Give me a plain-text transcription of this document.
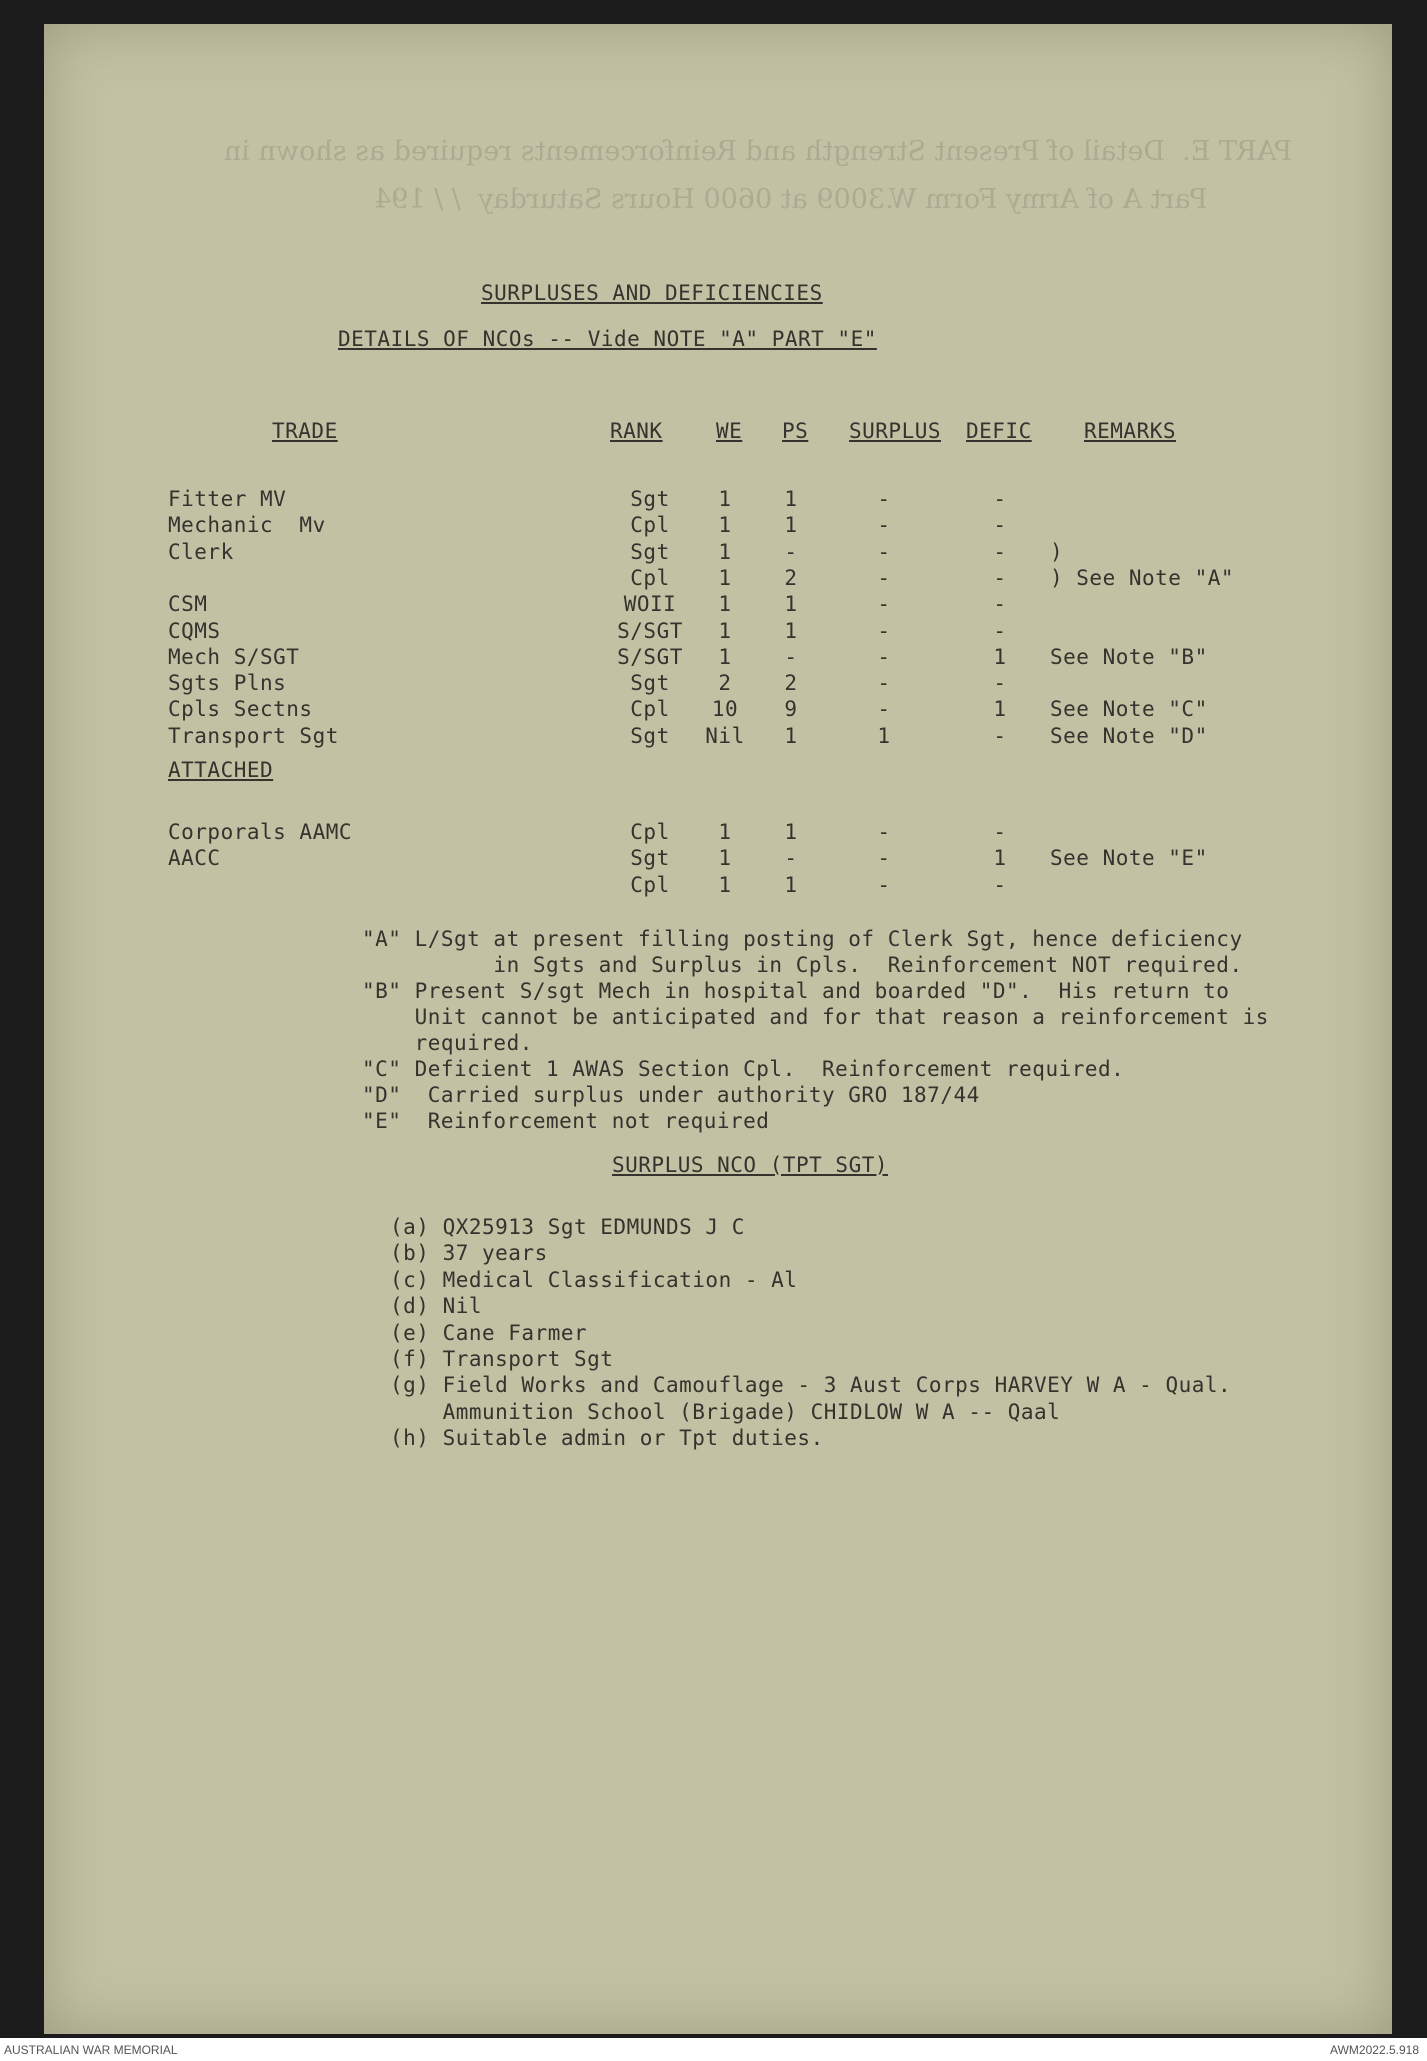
PART E.  Detail of Present Strength and Reinforcements required as shown in
Part A of Army Form W.3009 at 0600 Hours Saturday  / / 194
SURPLUSES AND DEFICIENCIES
DETAILS OF NCOs -- Vide NOTE "A" PART "E"
TRADE	RANK	WE PS SURPLUS DEFIC REMARKS
Fitter MV	Sgt	1	1	-	-
Mechanic  Mv	Cpl	1	1	-	-
Clerk	Sgt	1	-	-	-	)
Cpl	1	2	-	-	) See Note "A"
CSM	WOII	1	1	-	-
CQMS	S/SGT	1	1	-	-
Mech S/SGT	S/SGT	1	-	-	1	See Note "B"
Sgts Plns	Sgt	2	2	-	-
Cpls Sectns	Cpl	10	9	-	1	See Note "C"
Transport Sgt	Sgt	Nil	1	1	-	See Note "D"
ATTACHED
Corporals AAMC	Cpl	1	1	-	-
AACC	Sgt	1	-	-	1	See Note "E"
Cpl	1	1	-	-
"A" L/Sgt at present filling posting of Clerk Sgt, hence deficiency
in Sgts and Surplus in Cpls.  Reinforcement NOT required.
"B" Present S/sgt Mech in hospital and boarded "D".  His return to
Unit cannot be anticipated and for that reason a reinforcement is
required.
"C" Deficient 1 AWAS Section Cpl.  Reinforcement required.
"D"  Carried surplus under authority GRO 187/44
"E"  Reinforcement not required
SURPLUS NCO (TPT SGT)
(a) QX25913 Sgt EDMUNDS J C
(b) 37 years
(c) Medical Classification - Al
(d) Nil
(e) Cane Farmer
(f) Transport Sgt
(g) Field Works and Camouflage - 3 Aust Corps HARVEY W A - Qual.
Ammunition School (Brigade) CHIDLOW W A -- Qaal
(h) Suitable admin or Tpt duties.
AUSTRALIAN WAR MEMORIAL	AWM2022.5.918
